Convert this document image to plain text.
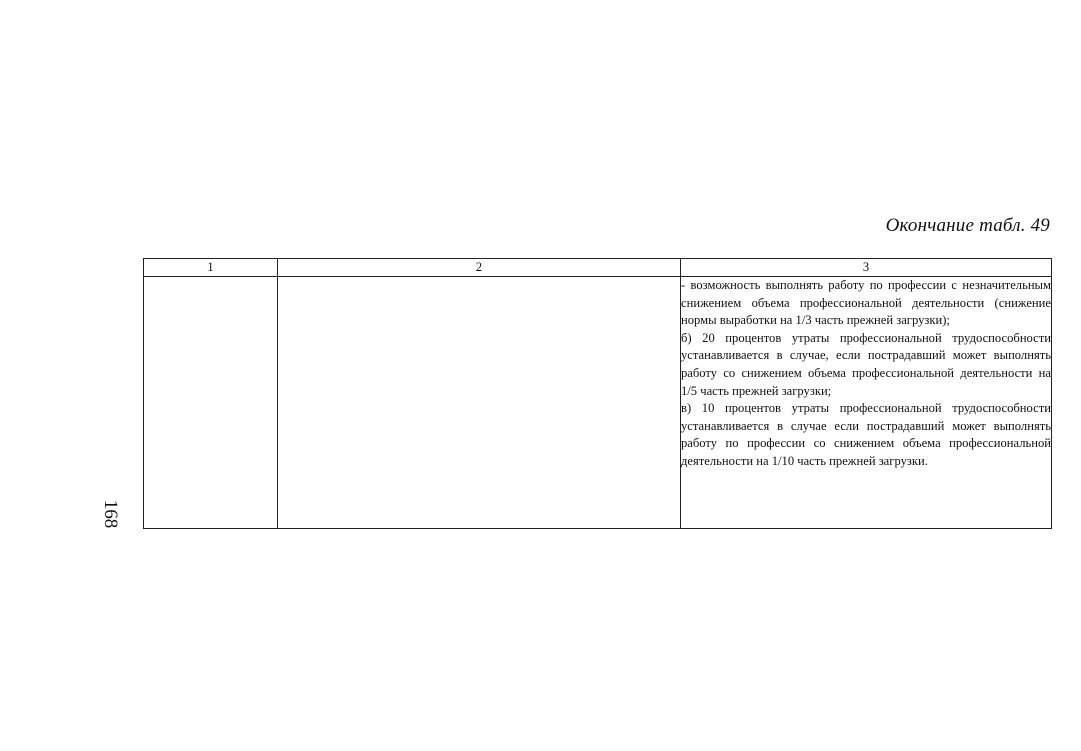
Окончание табл. 49
168
1	2	3

		- возможность выполнять работу по профессии с незначительным снижением объема профессиональной деятельности (снижение нормы выработки на 1/3 часть прежней загрузки);

б) 20 процентов утраты профессиональной трудоспособности устанавливается в случае, если пострадавший может выполнять работу со снижением объема профессиональной деятельности на 1/5 часть прежней загрузки;

в) 10 процентов утраты профессиональной трудоспособности устанавливается в случае если пострадавший может выполнять работу по профессии со снижением объема профессиональной деятельности на 1/10 часть прежней загрузки.
